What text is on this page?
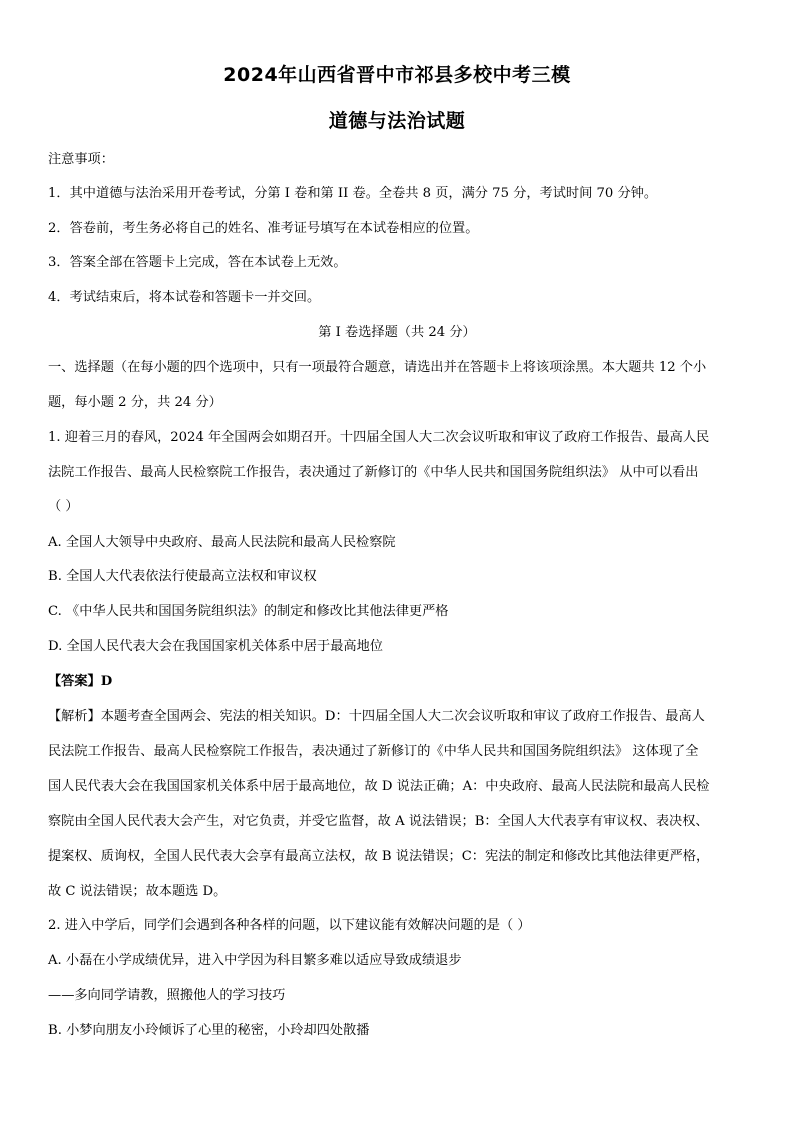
2024年山西省晋中市祁县多校中考三模
道德与法治试题
注意事项：
1．其中道德与法治采用开卷考试，分第 I 卷和第 II 卷。全卷共 8 页，满分 75 分，考试时间 70 分钟。
2．答卷前，考生务必将自己的姓名、准考证号填写在本试卷相应的位置。
3．答案全部在答题卡上完成，答在本试卷上无效。
4．考试结束后，将本试卷和答题卡一并交回。
第 I 卷选择题（共 24 分）
一、选择题（在每小题的四个选项中，只有一项最符合题意，请选出并在答题卡上将该项涂黑。本大题共 12 个小
题，每小题 2 分，共 24 分）
1. 迎着三月的春风，2024 年全国两会如期召开。十四届全国人大二次会议听取和审议了政府工作报告、最高人民
法院工作报告、最高人民检察院工作报告，表决通过了新修订的《中华人民共和国国务院组织法》 从中可以看出
（ ）
A. 全国人大领导中央政府、最高人民法院和最高人民检察院
B. 全国人大代表依法行使最高立法权和审议权
C. 《中华人民共和国国务院组织法》的制定和修改比其他法律更严格
D. 全国人民代表大会在我国国家机关体系中居于最高地位
【答案】D
【解析】本题考查全国两会、宪法的相关知识。D：十四届全国人大二次会议听取和审议了政府工作报告、最高人
民法院工作报告、最高人民检察院工作报告，表决通过了新修订的《中华人民共和国国务院组织法》 这体现了全
国人民代表大会在我国国家机关体系中居于最高地位，故 D 说法正确；A：中央政府、最高人民法院和最高人民检
察院由全国人民代表大会产生，对它负责，并受它监督，故 A 说法错误；B：全国人大代表享有审议权、表决权、
提案权、质询权，全国人民代表大会享有最高立法权，故 B 说法错误；C：宪法的制定和修改比其他法律更严格，
故 C 说法错误；故本题选 D。
2. 进入中学后，同学们会遇到各种各样的问题，以下建议能有效解决问题的是（ ）
A. 小磊在小学成绩优异，进入中学因为科目繁多难以适应导致成绩退步
——多向同学请教，照搬他人的学习技巧
B. 小梦向朋友小玲倾诉了心里的秘密，小玲却四处散播
